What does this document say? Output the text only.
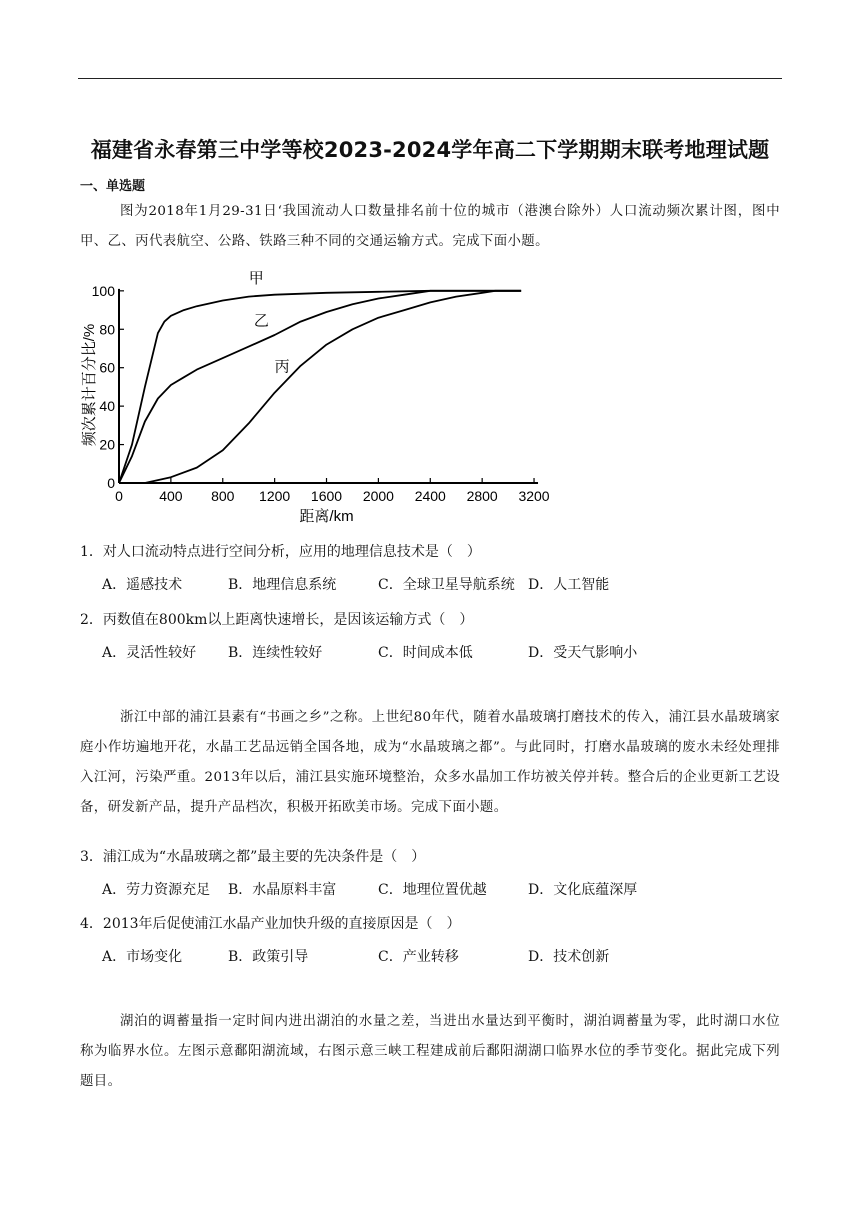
福建省永春第三中学等校2023-2024学年高二下学期期末联考地理试题
一、单选题

图为2018年1月29-31日‘我国流动人口数量排名前十位的城市（港澳台除外）人口流动频次累计图，图中甲、乙、丙代表航空、公路、铁路三种不同的交通运输方式。完成下面小题。

0	400 800 1200 1600 2000 2400 2800 3200
0
20
40
60
80
100
距离/km
频次累计百分比/%
甲
乙
丙
1．对人口流动特点进行空间分析，应用的地理信息技术是（　）
A．遥感技术	B．地理信息系统	C．全球卫星导航系统 D．人工智能
2．丙数值在800km以上距离快速增长，是因该运输方式（　）
A．灵活性较好 B．连续性较好	C．时间成本低	D．受天气影响小

浙江中部的浦江县素有“书画之乡”之称。上世纪80年代，随着水晶玻璃打磨技术的传入，浦江县水晶玻璃家庭小作坊遍地开花，水晶工艺品远销全国各地，成为“水晶玻璃之都”。与此同时，打磨水晶玻璃的废水未经处理排入江河，污染严重。2013年以后，浦江县实施环境整治，众多水晶加工作坊被关停并转。整合后的企业更新工艺设备，研发新产品，提升产品档次，积极开拓欧美市场。完成下面小题。

3．浦江成为“水晶玻璃之都”最主要的先决条件是（　）
A．劳力资源充足 B．水晶原料丰富	C．地理位置优越	D．文化底蕴深厚
4．2013年后促使浦江水晶产业加快升级的直接原因是（　）
A．市场变化	B．政策引导	C．产业转移	D．技术创新

湖泊的调蓄量指一定时间内进出湖泊的水量之差，当进出水量达到平衡时，湖泊调蓄量为零，此时湖口水位称为临界水位。左图示意鄱阳湖流域，右图示意三峡工程建成前后鄱阳湖湖口临界水位的季节变化。据此完成下列题目。
